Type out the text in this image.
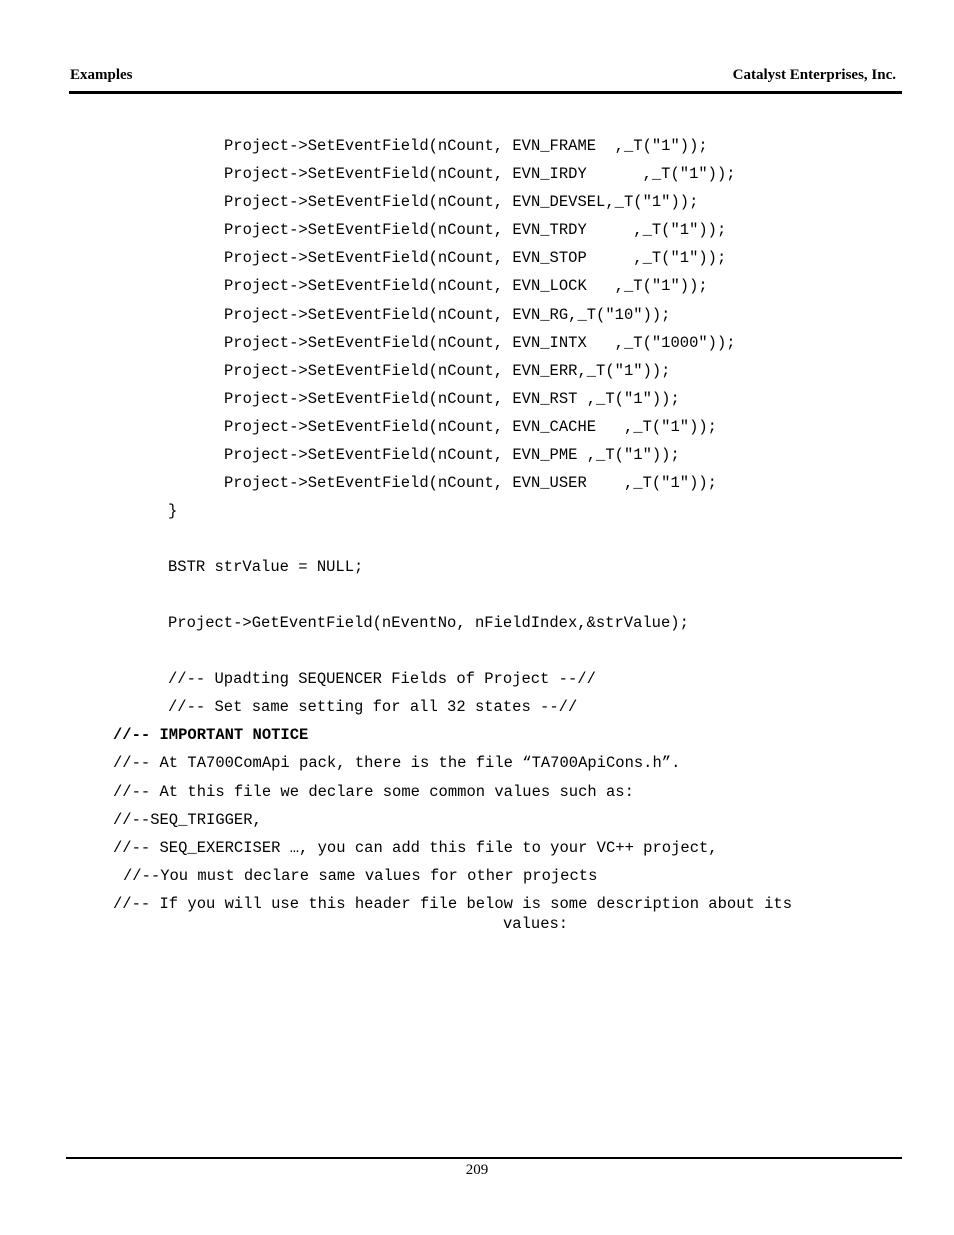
Examples	Catalyst Enterprises, Inc.

Project->SetEventField(nCount, EVN_FRAME  ,_T("1"));

Project->SetEventField(nCount, EVN_IRDY      ,_T("1"));

Project->SetEventField(nCount, EVN_DEVSEL,_T("1"));

Project->SetEventField(nCount, EVN_TRDY     ,_T("1"));

Project->SetEventField(nCount, EVN_STOP     ,_T("1"));

Project->SetEventField(nCount, EVN_LOCK   ,_T("1"));

Project->SetEventField(nCount, EVN_RG,_T("10"));

Project->SetEventField(nCount, EVN_INTX   ,_T("1000"));

Project->SetEventField(nCount, EVN_ERR,_T("1"));

Project->SetEventField(nCount, EVN_RST ,_T("1"));

Project->SetEventField(nCount, EVN_CACHE   ,_T("1"));

Project->SetEventField(nCount, EVN_PME ,_T("1"));

Project->SetEventField(nCount, EVN_USER    ,_T("1"));

}

BSTR strValue = NULL;

Project->GetEventField(nEventNo, nFieldIndex,&strValue);

//-- Upadting SEQUENCER Fields of Project --//

//-- Set same setting for all 32 states --//

//-- IMPORTANT NOTICE

//-- At TA700ComApi pack, there is the file “TA700ApiCons.h”.

//-- At this file we declare some common values such as:

//--SEQ_TRIGGER,

//-- SEQ_EXERCISER …, you can add this file to your VC++ project,

//--You must declare same values for other projects

//-- If you will use this header file below is some description about its

values:

209
